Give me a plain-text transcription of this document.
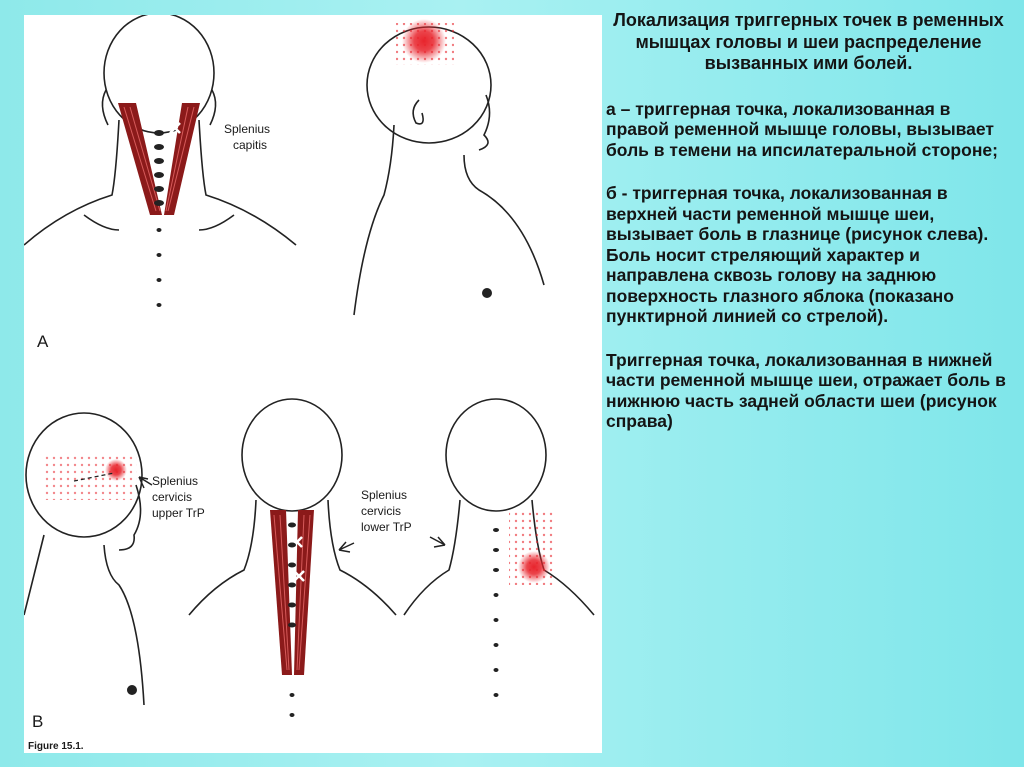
Splenius
capitis
A
Splenius
cervicis
upper TrP
Splenius
cervicis
lower TrP
B
Figure 15.1.

Локализация триггерных точек в ременных мышцах головы и шеи распределение вызванных ими болей.

а – триггерная точка, локализованная в правой ременной мышце головы, вызывает боль в темени на ипсилатеральной стороне;

б - триггерная точка, локализованная в верхней части ременной мышце шеи, вызывает боль в глазнице (рисунок слева). Боль носит стреляющий характер и направлена сквозь голову на заднюю поверхность глазного яблока (показано пунктирной линией со стрелой).

Триггерная точка, локализованная в нижней части ременной мышце шеи, отражает боль в нижнюю часть задней области шеи (рисунок справа)
